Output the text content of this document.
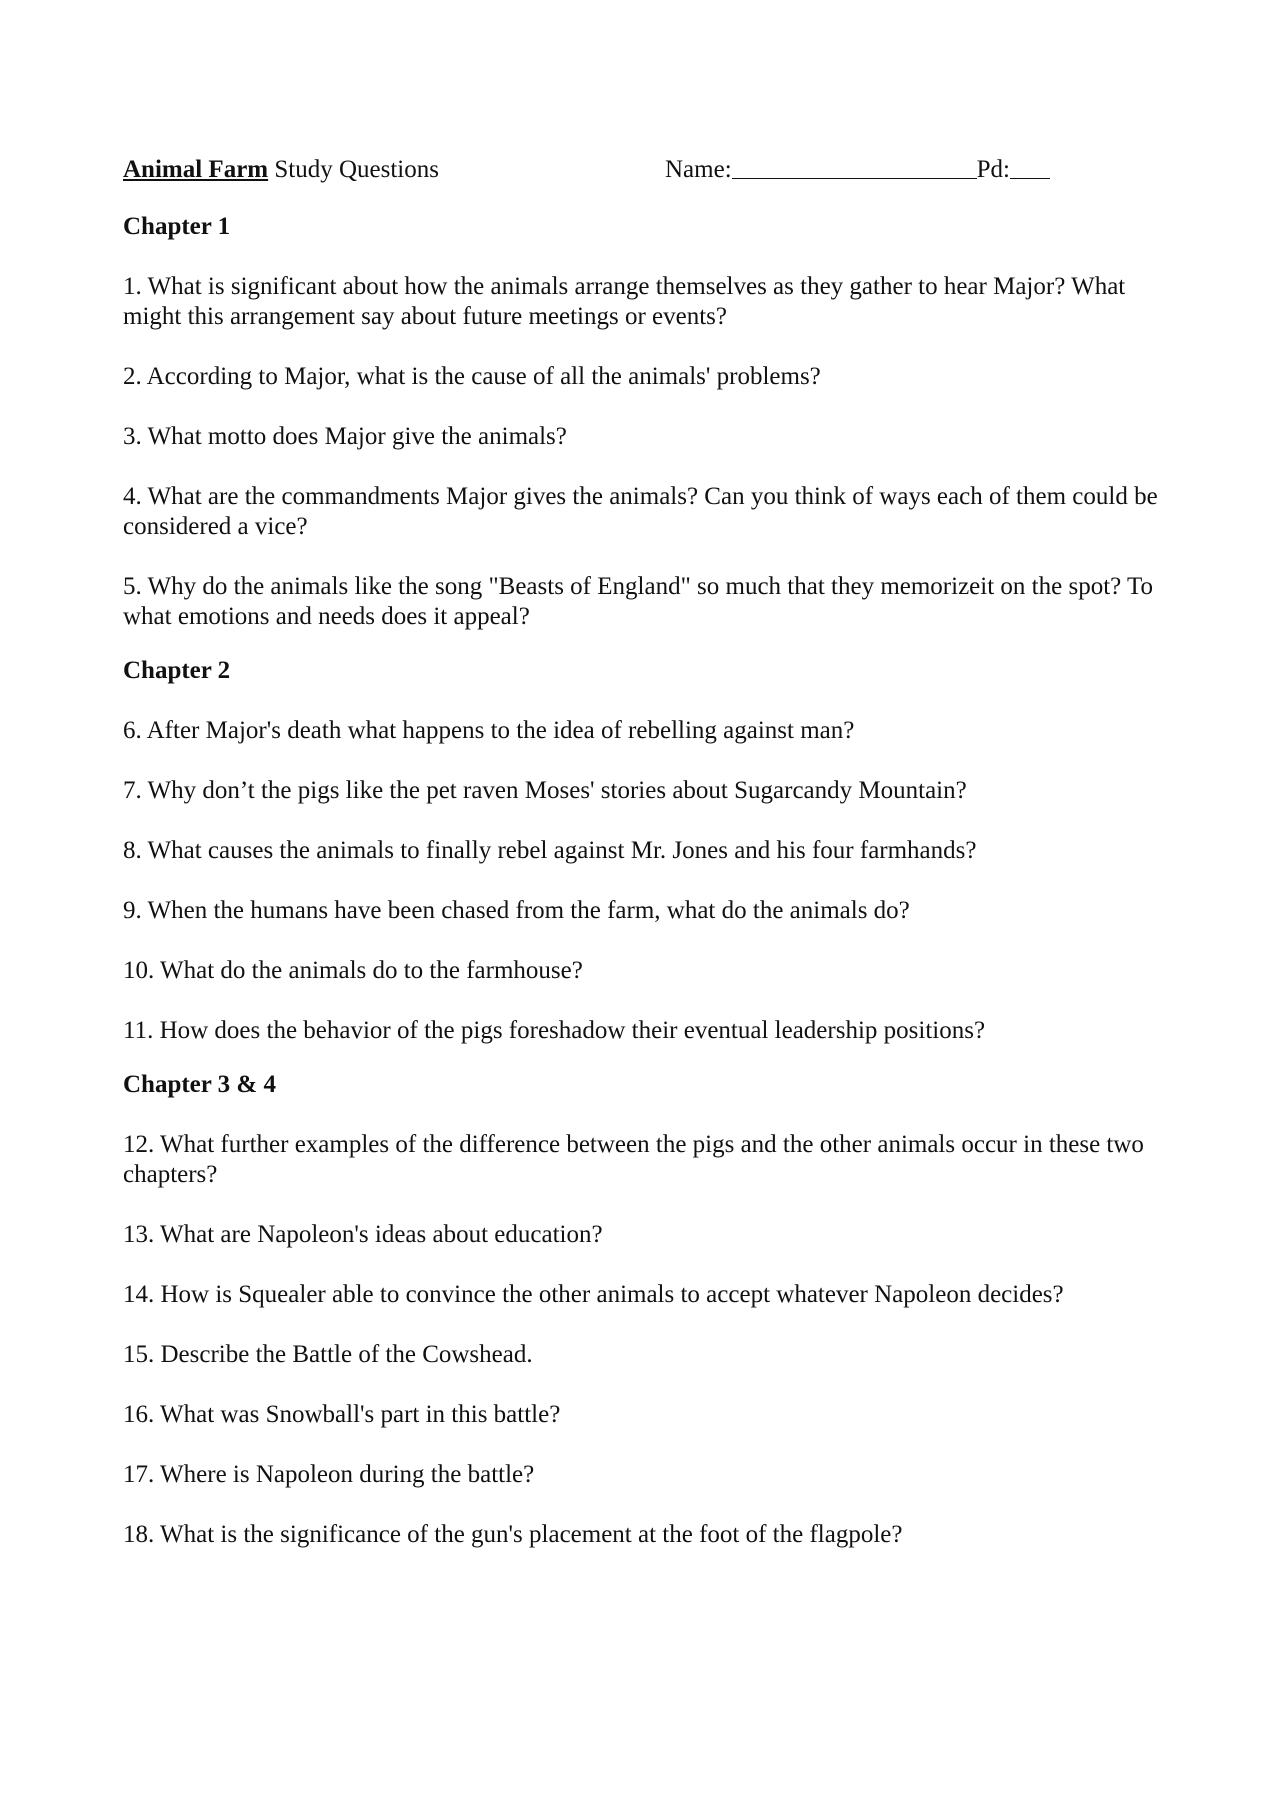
Animal Farm Study Questions	Name:	Pd:
Chapter 1
1. What is significant about how the animals arrange themselves as they gather to hear Major? What might this arrangement say about future meetings or events?
2. According to Major, what is the cause of all the animals' problems?
3. What motto does Major give the animals?
4. What are the commandments Major gives the animals? Can you think of ways each of them could be considered a vice?
5. Why do the animals like the song "Beasts of England" so much that they memorizeit on the spot? To what emotions and needs does it appeal?
Chapter 2
6. After Major's death what happens to the idea of rebelling against man?
7. Why don’t the pigs like the pet raven Moses' stories about Sugarcandy Mountain?
8. What causes the animals to finally rebel against Mr. Jones and his four farmhands?
9. When the humans have been chased from the farm, what do the animals do?
10. What do the animals do to the farmhouse?
11. How does the behavior of the pigs foreshadow their eventual leadership positions?
Chapter 3 & 4
12. What further examples of the difference between the pigs and the other animals occur in these two chapters?
13. What are Napoleon's ideas about education?
14. How is Squealer able to convince the other animals to accept whatever Napoleon decides?
15. Describe the Battle of the Cowshead.
16. What was Snowball's part in this battle?
17. Where is Napoleon during the battle?
18. What is the significance of the gun's placement at the foot of the flagpole?
